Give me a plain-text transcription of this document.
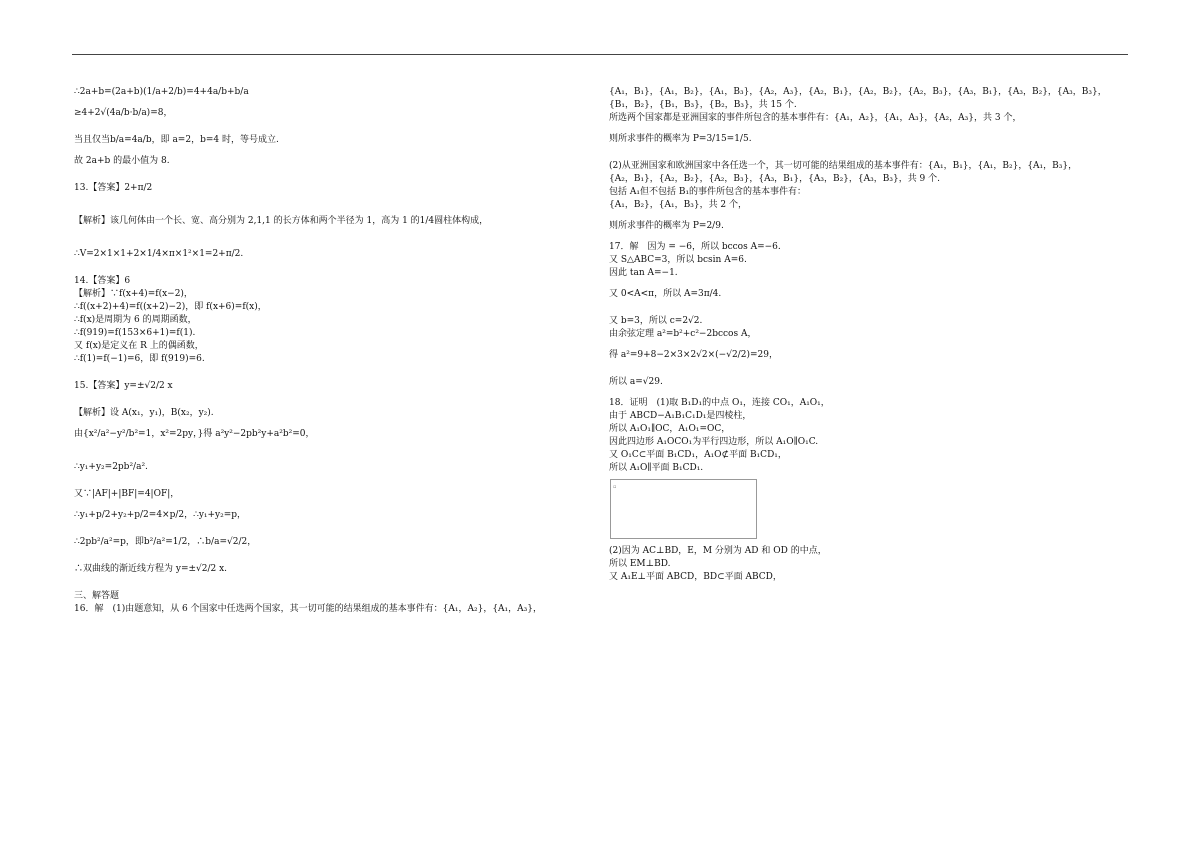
∴2a+b=(2a+b)(1/a+2/b)=4+4a/b+b/a
≥4+2√(4a/b·b/a)=8，
当且仅当b/a=4a/b，即 a=2，b=4 时，等号成立.
故 2a+b 的最小值为 8.
13.【答案】2+π/2
【解析】该几何体由一个长、宽、高分别为 2,1,1 的长方体和两个半径为 1，高为 1 的1/4圆柱体构成，
∴V=2×1×1+2×1/4×π×1²×1=2+π/2.
14.【答案】6
【解析】∵f(x+4)=f(x−2)，
∴f((x+2)+4)=f((x+2)−2)，即 f(x+6)=f(x)，
∴f(x)是周期为 6 的周期函数，
∴f(919)=f(153×6+1)=f(1).
又 f(x)是定义在 R 上的偶函数，
∴f(1)=f(−1)=6，即 f(919)=6.
15.【答案】y=±√2/2 x
【解析】设 A(x₁，y₁)，B(x₂，y₂).
由{x²/a²−y²/b²=1，x²=2py，}得 a²y²−2pb²y+a²b²=0，
∴y₁+y₂=2pb²/a².
又∵|AF|+|BF|=4|OF|，
∴y₁+p/2+y₂+p/2=4×p/2，∴y₁+y₂=p，
∴2pb²/a²=p，即b²/a²=1/2，∴b/a=√2/2，
∴双曲线的渐近线方程为 y=±√2/2 x.
三、解答题
16．解　(1)由题意知，从 6 个国家中任选两个国家，其一切可能的结果组成的基本事件有：{A₁，A₂}，{A₁，A₃}，
{A₁，B₁}，{A₁，B₂}，{A₁，B₃}，{A₂，A₃}，{A₂，B₁}，{A₂，B₂}，{A₂，B₃}，{A₃，B₁}，{A₃，B₂}，{A₃，B₃}，
{B₁，B₂}，{B₁，B₃}，{B₂，B₃}，共 15 个.
所选两个国家都是亚洲国家的事件所包含的基本事件有：{A₁，A₂}，{A₁，A₃}，{A₂，A₃}，共 3 个，
则所求事件的概率为 P=3/15=1/5.
(2)从亚洲国家和欧洲国家中各任选一个，其一切可能的结果组成的基本事件有：{A₁，B₁}，{A₁，B₂}，{A₁，B₃}，
{A₂，B₁}，{A₂，B₂}，{A₂，B₃}，{A₃，B₁}，{A₃，B₂}，{A₃，B₃}，共 9 个.
包括 A₁但不包括 B₁的事件所包含的基本事件有：
{A₁，B₂}，{A₁，B₃}，共 2 个，
则所求事件的概率为 P=2/9.
17．解　因为 = −6，所以 bccos A=−6.
又 S△ABC=3，所以 bcsin A=6.
因此 tan A=−1.
又 0<A<π，所以 A=3π/4.
又 b=3，所以 c=2√2.
由余弦定理 a²=b²+c²−2bccos A，
得 a²=9+8−2×3×2√2×(−√2/2)=29，
所以 a=√29.
18．证明　(1)取 B₁D₁的中点 O₁，连接 CO₁，A₁O₁，
由于 ABCD−A₁B₁C₁D₁是四棱柱，
所以 A₁O₁∥OC，A₁O₁=OC，
因此四边形 A₁OCO₁为平行四边形，所以 A₁O∥O₁C.
又 O₁C⊂平面 B₁CD₁，A₁O⊄平面 B₁CD₁，
所以 A₁O∥平面 B₁CD₁.
▫
(2)因为 AC⊥BD，E，M 分别为 AD 和 OD 的中点，
所以 EM⊥BD.
又 A₁E⊥平面 ABCD，BD⊂平面 ABCD，
